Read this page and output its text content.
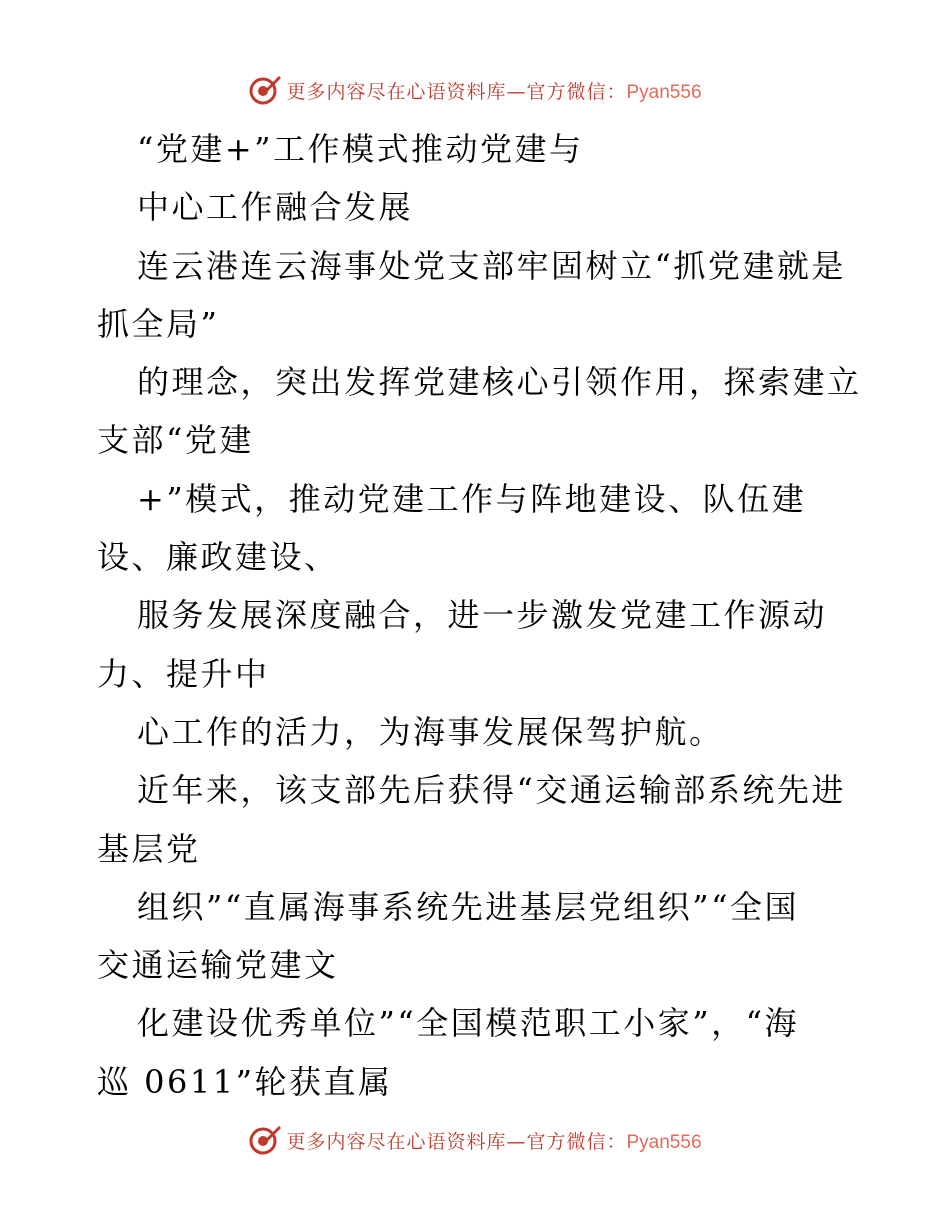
更多内容尽在心语资料库—官方微信：Pyan556
“党建+”工作模式推动党建与
中心工作融合发展
连云港连云海事处党支部牢固树立“抓党建就是
抓全局”
的理念，突出发挥党建核心引领作用，探索建立
支部“党建
+”模式，推动党建工作与阵地建设、队伍建
设、廉政建设、
服务发展深度融合，进一步激发党建工作源动
力、提升中
心工作的活力，为海事发展保驾护航。
近年来，该支部先后获得“交通运输部系统先进
基层党
组织”“直属海事系统先进基层党组织”“全国
交通运输党建文
化建设优秀单位”“全国模范职工小家”，“海
巡 0611”轮获直属
更多内容尽在心语资料库—官方微信：Pyan556
